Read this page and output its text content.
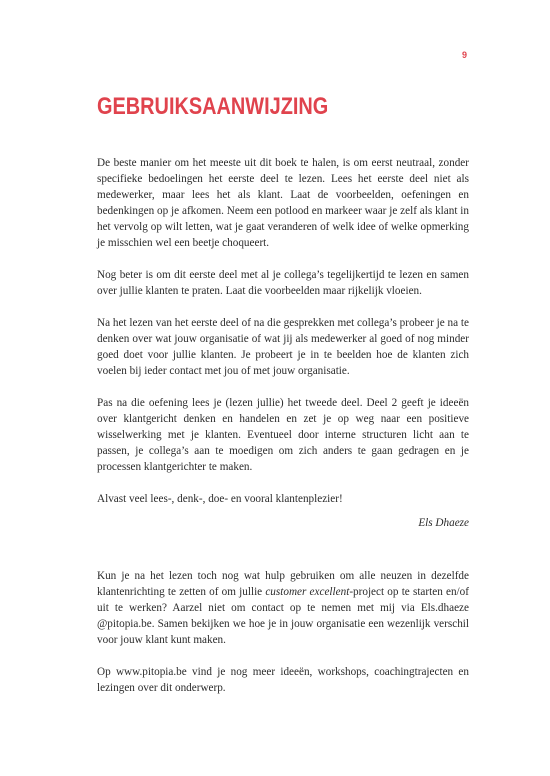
9
GEBRUIKSAANWIJZING

De beste manier om het meeste uit dit boek te halen, is om eerst neutraal, zonder specifieke bedoelingen het eerste deel te lezen. Lees het eerste deel niet als medewerker, maar lees het als klant. Laat de voorbeelden, oefeningen en bedenkingen op je afkomen. Neem een potlood en markeer waar je zelf als klant in het vervolg op wilt letten, wat je gaat veranderen of welk idee of welke opmerking je misschien wel een beetje choqueert.

Nog beter is om dit eerste deel met al je collega’s tegelijkertijd te lezen en samen over jullie klanten te praten. Laat die voorbeelden maar rijkelijk vloeien.

Na het lezen van het eerste deel of na die gesprekken met collega’s probeer je na te denken over wat jouw organisatie of wat jij als medewerker al goed of nog minder goed doet voor jullie klanten. Je probeert je in te beelden hoe de klanten zich voelen bij ieder contact met jou of met jouw organisatie.

Pas na die oefening lees je (lezen jullie) het tweede deel. Deel 2 geeft je ideeën over klantgericht denken en handelen en zet je op weg naar een positieve wisselwerking met je klanten. Eventueel door interne structuren licht aan te passen, je collega’s aan te moedigen om zich anders te gaan gedragen en je processen klantgerichter te maken.

Alvast veel lees-, denk-, doe- en vooral klantenplezier!

Els Dhaeze

Kun je na het lezen toch nog wat hulp gebruiken om alle neuzen in dezelfde klantenrichting te zetten of om jullie customer excellent-project op te starten en/of uit te werken? Aarzel niet om contact op te nemen met mij via Els.dhaeze @pitopia.be. Samen bekijken we hoe je in jouw organisatie een wezenlijk verschil voor jouw klant kunt maken.

Op www.pitopia.be vind je nog meer ideeën, workshops, coachingtrajecten en lezingen over dit onderwerp.
